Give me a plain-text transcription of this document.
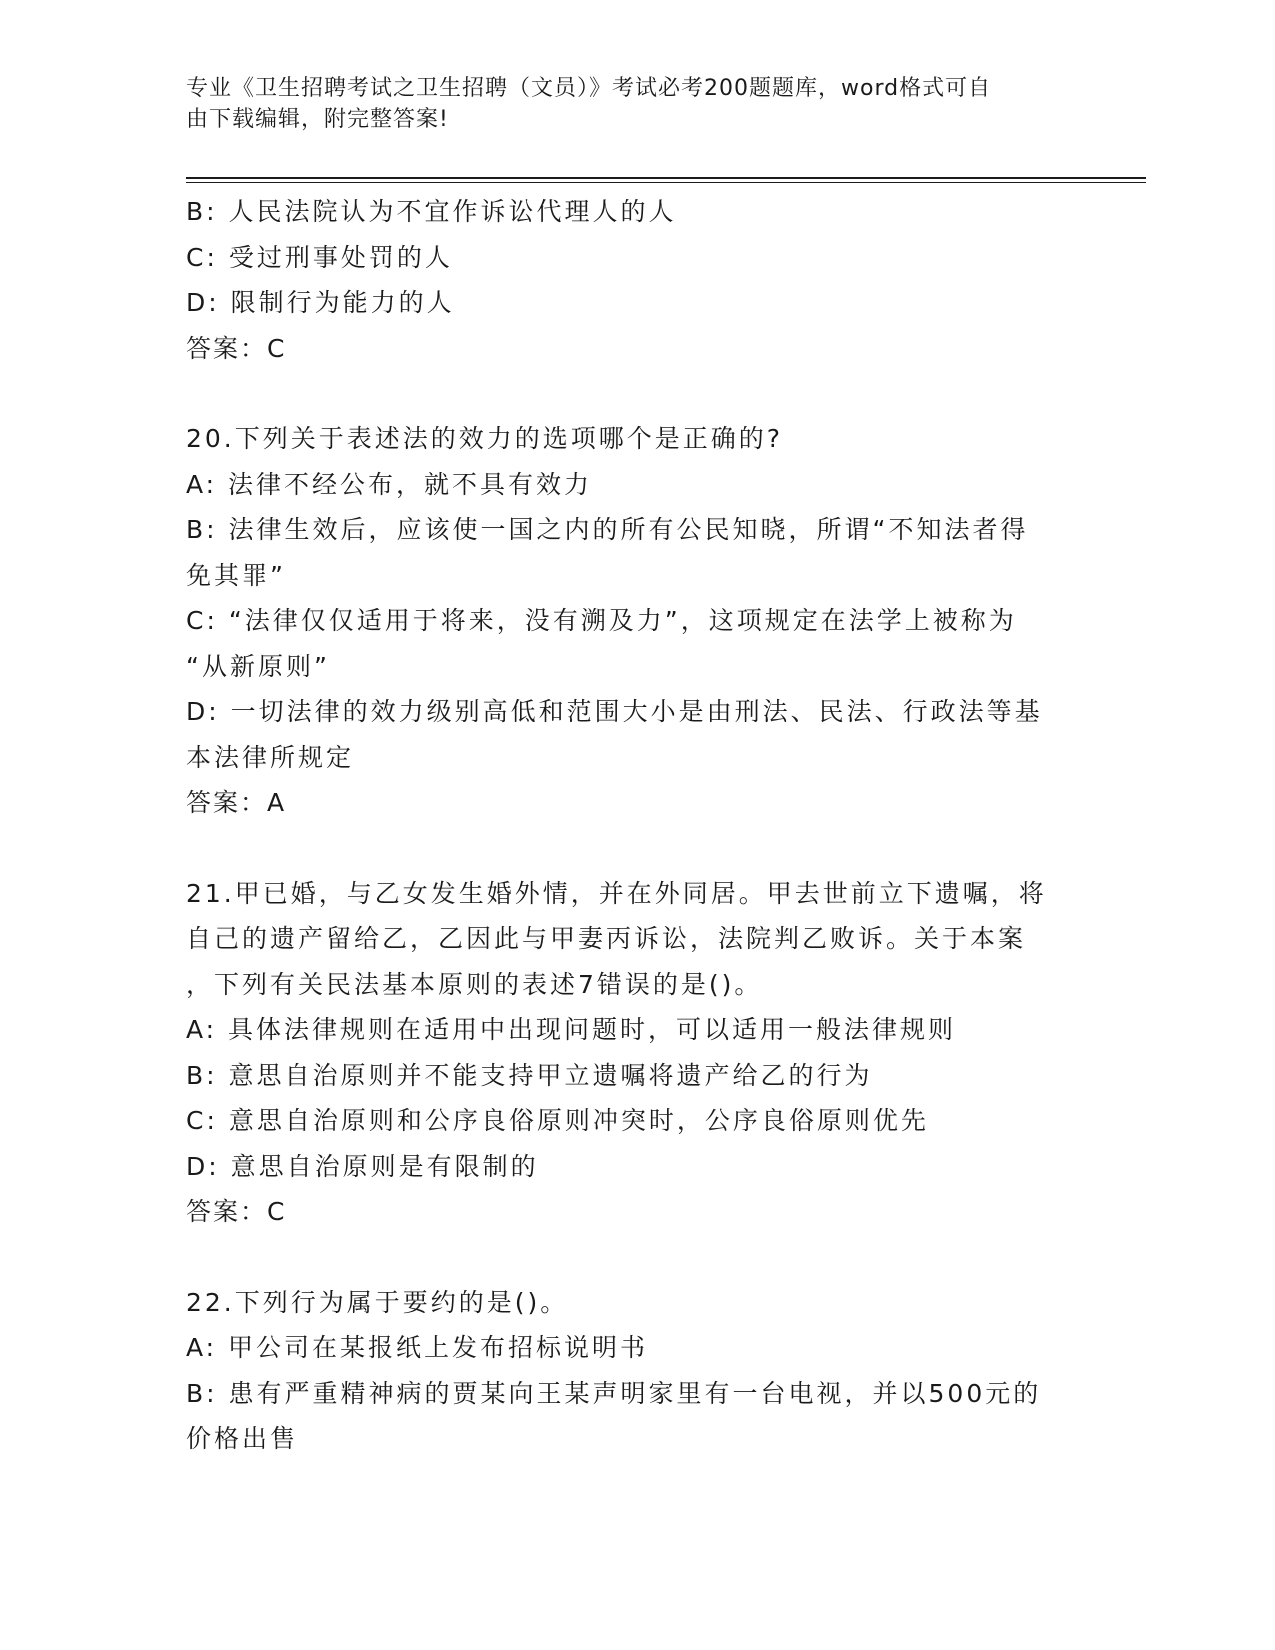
专业《卫生招聘考试之卫生招聘（文员）》考试必考200题题库，word格式可自
由下载编辑，附完整答案!
B: 人民法院认为不宜作诉讼代理人的人
C: 受过刑事处罚的人
D: 限制行为能力的人
答案：C
20.下列关于表述法的效力的选项哪个是正确的?
A: 法律不经公布，就不具有效力
B: 法律生效后，应该使一国之内的所有公民知晓，所谓“不知法者得
免其罪”
C: “法律仅仅适用于将来，没有溯及力”，这项规定在法学上被称为
“从新原则”
D: 一切法律的效力级别高低和范围大小是由刑法、民法、行政法等基
本法律所规定
答案：A
21.甲已婚，与乙女发生婚外情，并在外同居。甲去世前立下遗嘱，将
自己的遗产留给乙，乙因此与甲妻丙诉讼，法院判乙败诉。关于本案
，下列有关民法基本原则的表述7错误的是()。
A: 具体法律规则在适用中出现问题时，可以适用一般法律规则
B: 意思自治原则并不能支持甲立遗嘱将遗产给乙的行为
C: 意思自治原则和公序良俗原则冲突时，公序良俗原则优先
D: 意思自治原则是有限制的
答案：C
22.下列行为属于要约的是()。
A: 甲公司在某报纸上发布招标说明书
B: 患有严重精神病的贾某向王某声明家里有一台电视，并以500元的
价格出售
